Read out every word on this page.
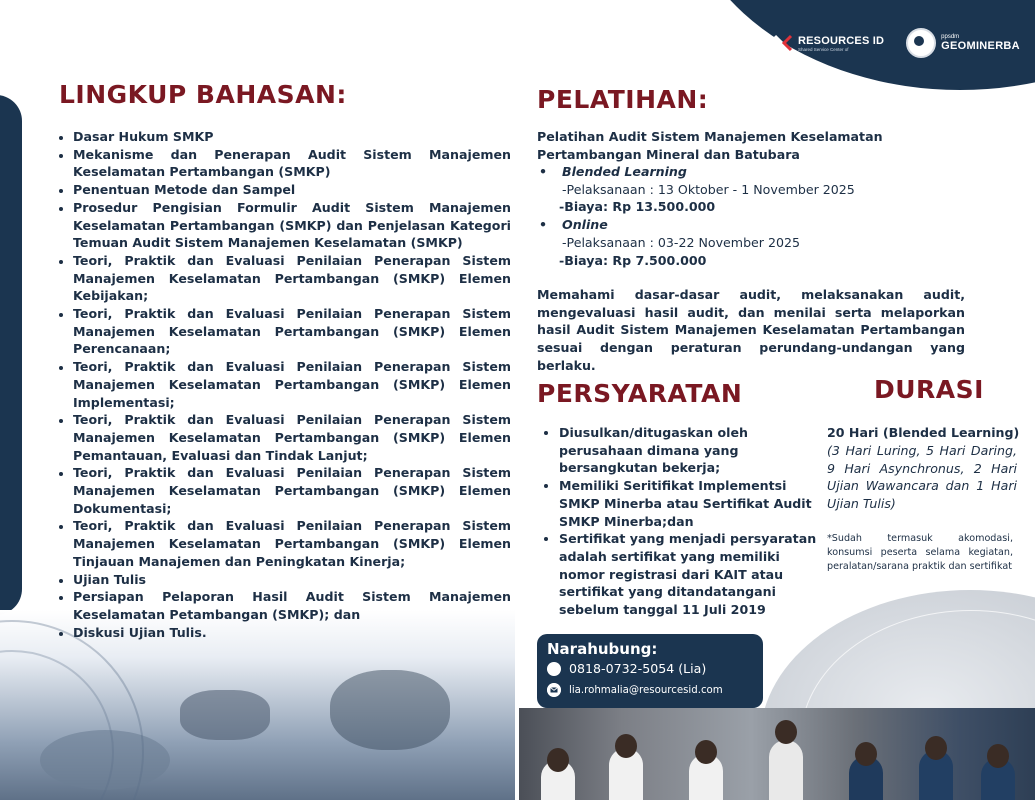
RESOURCES ID
Shared Service Center of
ppsdm
GEOMINERBA
LINGKUP BAHASAN:
• Dasar Hukum SMKP
• Mekanisme dan Penerapan Audit Sistem Manajemen Keselamatan Pertambangan (SMKP)
• Penentuan Metode dan Sampel
• Prosedur Pengisian Formulir Audit Sistem Manajemen Keselamatan Pertambangan (SMKP) dan Penjelasan Kategori Temuan Audit Sistem Manajemen Keselamatan (SMKP)
• Teori, Praktik dan Evaluasi Penilaian Penerapan Sistem Manajemen Keselamatan Pertambangan (SMKP) Elemen Kebijakan;
• Teori, Praktik dan Evaluasi Penilaian Penerapan Sistem Manajemen Keselamatan Pertambangan (SMKP) Elemen Perencanaan;
• Teori, Praktik dan Evaluasi Penilaian Penerapan Sistem Manajemen Keselamatan Pertambangan (SMKP) Elemen Implementasi;
• Teori, Praktik dan Evaluasi Penilaian Penerapan Sistem Manajemen Keselamatan Pertambangan (SMKP) Elemen Pemantauan, Evaluasi dan Tindak Lanjut;
• Teori, Praktik dan Evaluasi Penilaian Penerapan Sistem Manajemen Keselamatan Pertambangan (SMKP) Elemen Dokumentasi;
• Teori, Praktik dan Evaluasi Penilaian Penerapan Sistem Manajemen Keselamatan Pertambangan (SMKP) Elemen Tinjauan Manajemen dan Peningkatan Kinerja;
• Ujian Tulis
• Persiapan Pelaporan Hasil Audit Sistem Manajemen Keselamatan Petambangan (SMKP); dan
• Diskusi Ujian Tulis.
PELATIHAN:

Pelatihan Audit Sistem Manajemen Keselamatan Pertambangan Mineral dan Batubara

• Blended Learning
-Pelaksanaan : 13 Oktober - 1 November 2025
-Biaya: Rp 13.500.000
• Online
-Pelaksanaan : 03-22 November 2025
-Biaya: Rp 7.500.000

Memahami dasar-dasar audit, melaksanakan audit, mengevaluasi hasil audit, dan menilai serta melaporkan hasil Audit Sistem Manajemen Keselamatan Pertambangan sesuai dengan peraturan perundang-undangan yang berlaku.

PERSYARATAN
• Diusulkan/ditugaskan oleh perusahaan dimana yang bersangkutan bekerja;
• Memiliki Seritifikat Implementsi SMKP Minerba atau Sertifikat Audit SMKP Minerba;dan
• Sertifikat yang menjadi persyaratan adalah sertifikat yang memiliki nomor registrasi dari KAIT atau sertifikat yang ditandatangani sebelum tanggal 11 Juli 2019
DURASI

20 Hari (Blended Learning)

(3 Hari Luring, 5 Hari Daring, 9 Hari Asynchronus, 2 Hari Ujian Wawancara dan 1 Hari Ujian Tulis)

*Sudah termasuk akomodasi, konsumsi peserta selama kegiatan, peralatan/sarana praktik dan sertifikat

Narahubung:
0818-0732-5054 (Lia)
lia.rohmalia@resourcesid.com
